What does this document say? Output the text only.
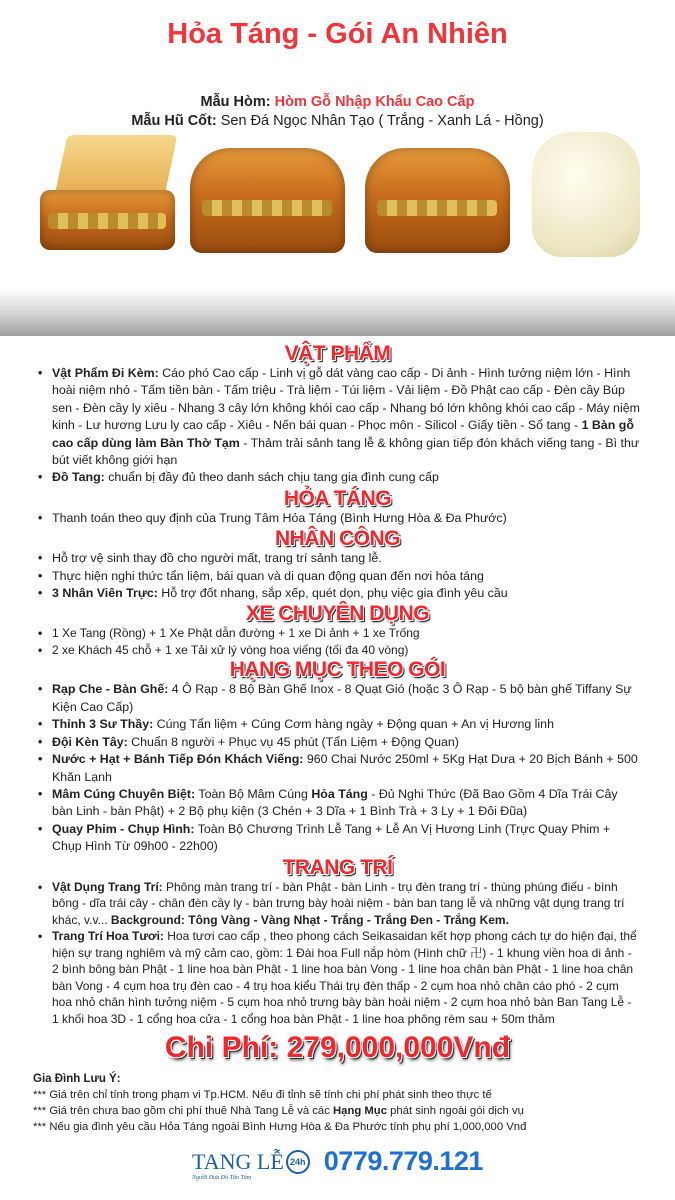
Hỏa Táng - Gói An Nhiên
Mẫu Hòm: Hòm Gỗ Nhập Khẩu Cao Cấp
Mẫu Hũ Cốt: Sen Đá Ngọc Nhân Tạo ( Trắng - Xanh Lá - Hồng)
VẬT PHẨM
• Vật Phẩm Đi Kèm: Cáo phó Cao cấp - Linh vị gỗ dát vàng cao cấp - Di ảnh - Hình tưởng niệm lớn - Hình hoài niệm nhỏ - Tấm tiền bàn - Tấm triệu - Trà liệm - Túi liệm - Vải liệm - Đồ Phật cao cấp - Đèn cầy Búp sen - Đèn cầy ly xiêu - Nhang 3 cây lớn không khói cao cấp - Nhang bó lớn không khói cao cấp - Máy niệm kinh - Lư hương Lưu ly cao cấp - Xiêu - Nến bái quan - Phọc môn - Silicol - Giấy tiền - Sổ tang - 1 Bàn gỗ cao cấp dùng làm Bàn Thờ Tạm - Thảm trải sảnh tang lễ & không gian tiếp đón khách viếng tang - Bì thư bút viết không giới hạn
• Đồ Tang: chuẩn bị đầy đủ theo danh sách chịu tang gia đình cung cấp
HỎA TÁNG
• Thanh toán theo quy định của Trung Tâm Hỏa Táng (Bình Hưng Hòa & Đa Phước)
NHÂN CÔNG
• Hỗ trợ vệ sinh thay đồ cho người mất, trang trí sảnh tang lễ.
• Thực hiện nghi thức tẩn liệm, bái quan và di quan động quan đến nơi hỏa táng
• 3 Nhân Viên Trực: Hỗ trợ đốt nhang, sắp xếp, quét dọn, phụ việc gia đình yêu cầu
XE CHUYÊN DỤNG
• 1 Xe Tang (Rồng) + 1 Xe Phật dẫn đường + 1 xe Di ảnh + 1 xe Trống
• 2 xe Khách 45 chỗ + 1 xe Tải xử lý vòng hoa viếng (tối đa 40 vòng)
HẠNG MỤC THEO GÓI
• Rạp Che - Bàn Ghế: 4 Ô Rạp - 8 Bộ Bàn Ghế Inox - 8 Quạt Gió (hoặc 3 Ô Rạp - 5 bộ bàn ghế Tiffany Sự Kiện Cao Cấp)
• Thỉnh 3 Sư Thầy: Cúng Tẩn liệm + Cúng Cơm hàng ngày + Động quan + An vị Hương linh
• Đội Kèn Tây: Chuẩn 8 người + Phục vụ 45 phút (Tẩn Liệm + Động Quan)
• Nước + Hạt + Bánh Tiếp Đón Khách Viếng: 960 Chai Nước 250ml + 5Kg Hạt Dưa + 20 Bịch Bánh + 500 Khăn Lạnh
• Mâm Cúng Chuyên Biệt: Toàn Bộ Mâm Cúng Hỏa Táng - Đủ Nghi Thức (Đã Bao Gồm 4 Dĩa Trái Cây bàn Linh - bàn Phật) + 2 Bộ phụ kiện (3 Chén + 3 Dĩa + 1 Bình Trà + 3 Ly + 1 Đôi Đũa)
• Quay Phim - Chụp Hình: Toàn Bộ Chương Trình Lễ Tang + Lễ An Vị Hương Linh (Trực Quay Phim + Chụp Hình Từ 09h00 - 22h00)
TRANG TRÍ
• Vật Dụng Trang Trí: Phông màn trang trí - bàn Phật - bàn Linh - trụ đèn trang trí - thùng phúng điếu - bình bông - dĩa trái cây - chân đèn cầy ly - bàn trưng bày hoài niệm - bàn ban tang lễ và những vật dụng trang trí khác, v.v... Background: Tông Vàng - Vàng Nhạt - Trắng - Trắng Đen - Trắng Kem.
• Trang Trí Hoa Tươi: Hoa tươi cao cấp , theo phong cách Seikasaidan kết hợp phong cách tự do hiện đại, thể hiện sự trang nghiêm và mỹ cảm cao, gồm: 1 Đài hoa Full nắp hòm (Hình chữ 卍) - 1 khung viền hoa di ảnh - 2 bình bông bàn Phật - 1 line hoa bàn Phật - 1 line hoa bàn Vong - 1 line hoa chân bàn Phật - 1 line hoa chân bàn Vong - 4 cụm hoa trụ đèn cao - 4 trụ hoa kiểu Thái trụ đèn thấp - 2 cụm hoa nhỏ chân cáo phó - 2 cụm hoa nhỏ chân hình tưởng niệm - 5 cụm hoa nhỏ trưng bày bàn hoài niệm - 2 cụm hoa nhỏ bàn Ban Tang Lễ - 1 khối hoa 3D - 1 cổng hoa cửa - 1 cổng hoa bàn Phật - 1 line hoa phông rèm sau + 50m thảm
Chi Phí: 279,000,000Vnđ
Gia Đình Lưu Ý:
*** Giá trên chỉ tính trong phạm vi Tp.HCM. Nếu đi tỉnh sẽ tính chi phí phát sinh theo thực tế
*** Giá trên chưa bao gồm chi phí thuê Nhà Tang Lễ và các Hạng Mục phát sinh ngoài gói dịch vụ
*** Nếu gia đình yêu cầu Hỏa Táng ngoài Bình Hưng Hòa & Đa Phước tính phụ phí 1,000,000 Vnđ
TANG LỄ 24h
Người Đưa Đò Tận Tâm
0779.779.121
